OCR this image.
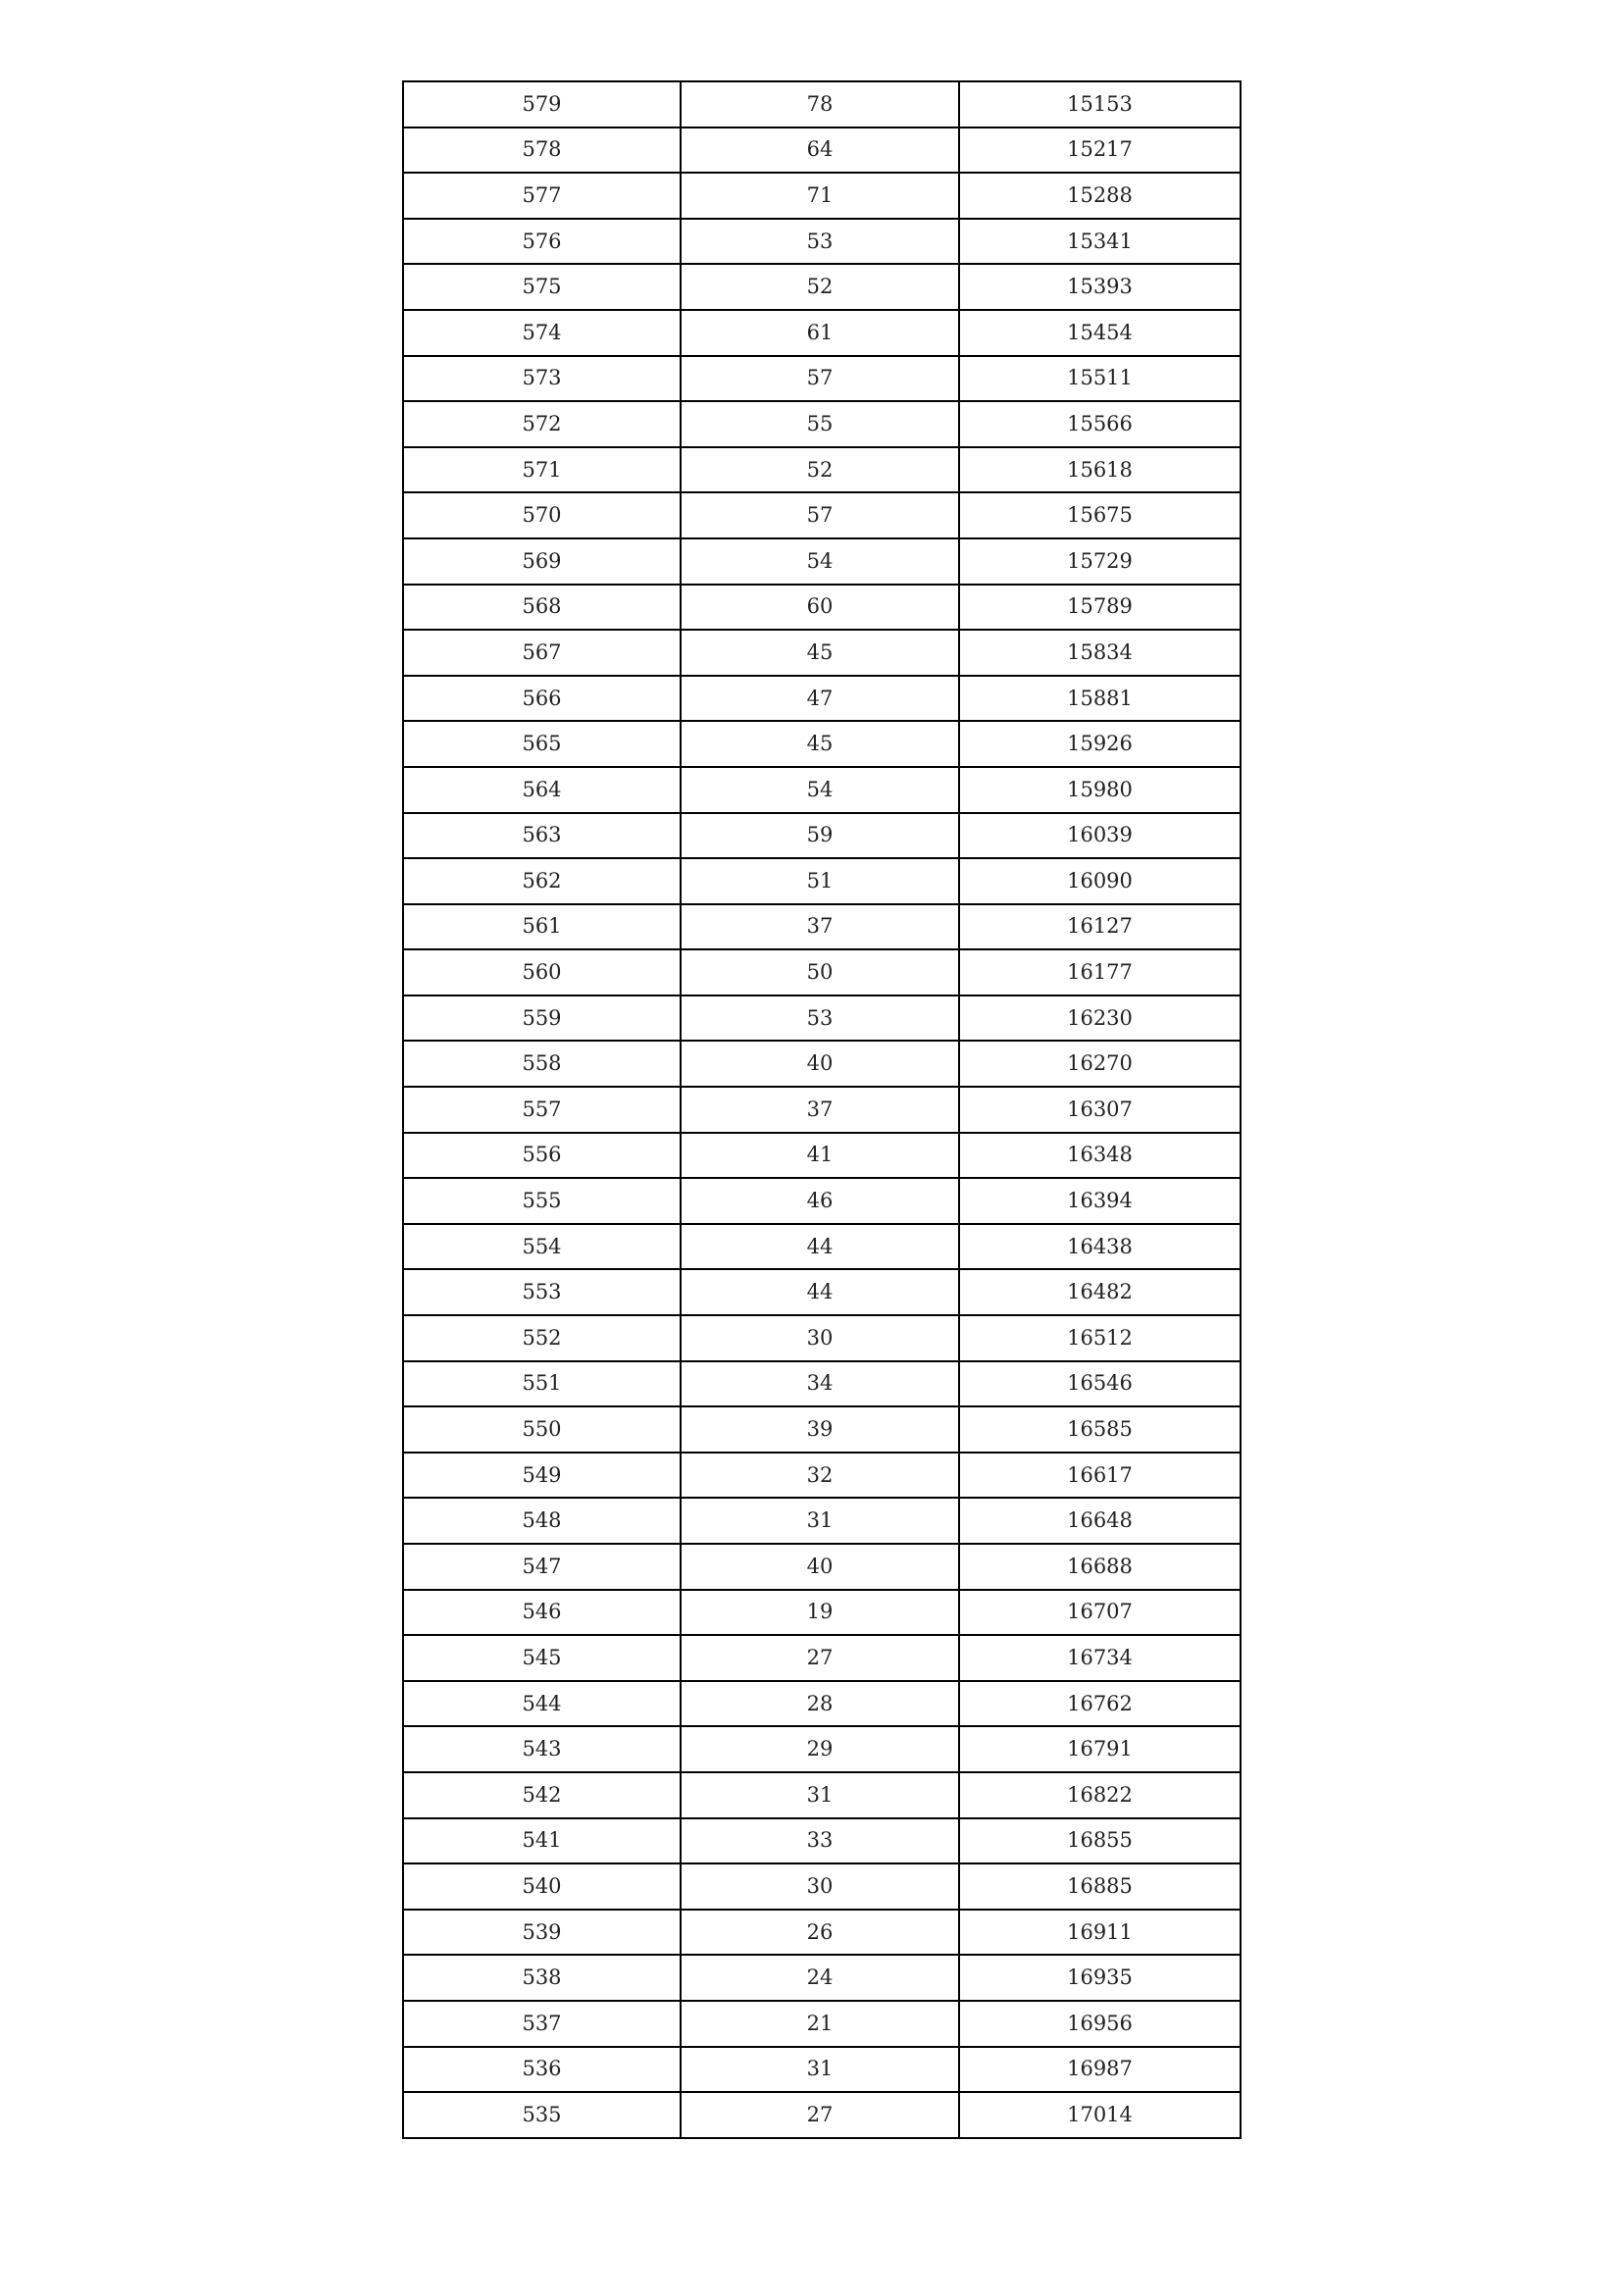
579	78	15153
578	64	15217
577	71	15288
576	53	15341
575	52	15393
574	61	15454
573	57	15511
572	55	15566
571	52	15618
570	57	15675
569	54	15729
568	60	15789
567	45	15834
566	47	15881
565	45	15926
564	54	15980
563	59	16039
562	51	16090
561	37	16127
560	50	16177
559	53	16230
558	40	16270
557	37	16307
556	41	16348
555	46	16394
554	44	16438
553	44	16482
552	30	16512
551	34	16546
550	39	16585
549	32	16617
548	31	16648
547	40	16688
546	19	16707
545	27	16734
544	28	16762
543	29	16791
542	31	16822
541	33	16855
540	30	16885
539	26	16911
538	24	16935
537	21	16956
536	31	16987
535	27	17014
